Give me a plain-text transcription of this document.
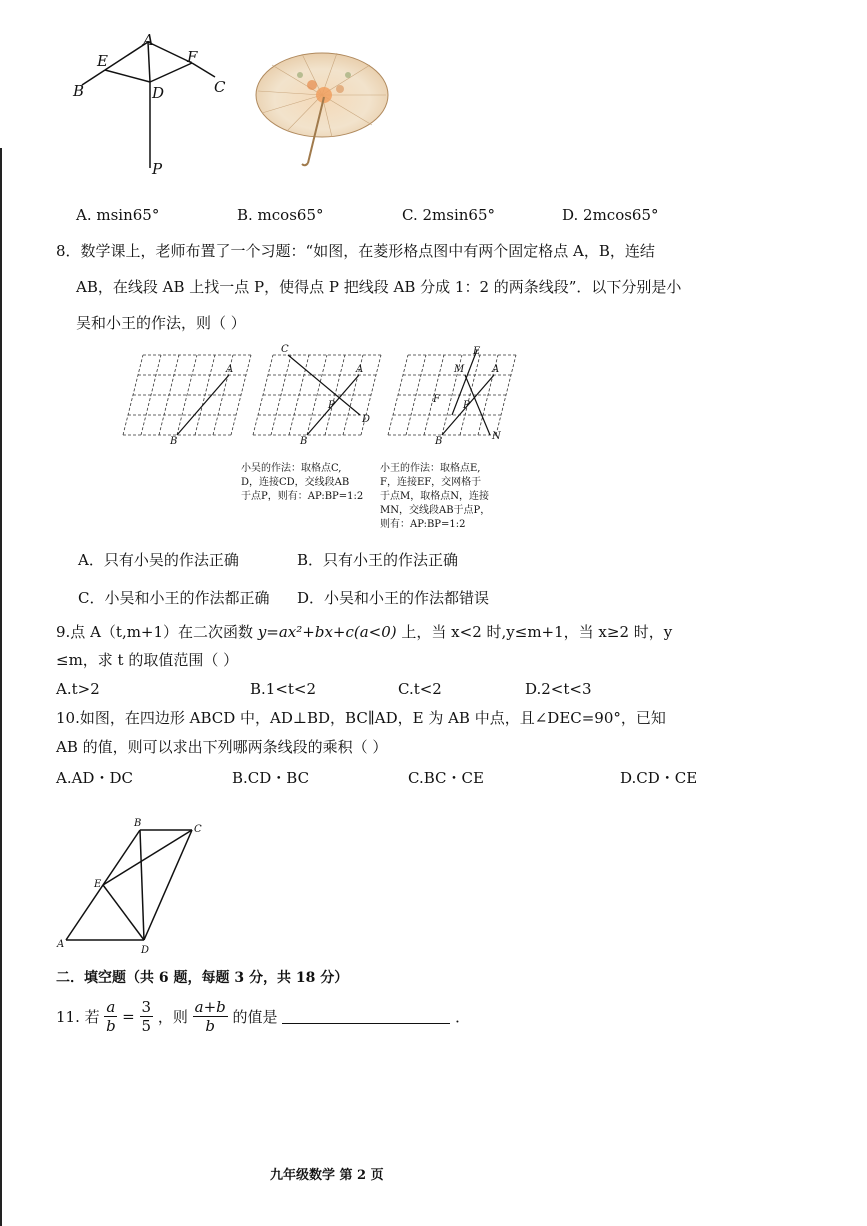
A
E	F
B	D	C
P
A. msin65°	B. mcos65°	C. 2msin65°	D. 2mcos65°
8．数学课上，老师布置了一个习题：“如图，在菱形格点图中有两个固定格点 A，B，连结
AB，在线段 AB 上找一点 P，使得点 P 把线段 AB 分成 1：2 的两条线段”．以下分别是小
吴和小王的作法，则（ ）
A
B
C
A
P
D
B
E
M	A
F
P
B	N
小吴的作法：取格点C,
D，连接CD，交线段AB
于点P，则有：AP:BP=1:2
小王的作法：取格点E,
F，连接EF，交网格于
于点M，取格点N，连接
MN，交线段AB于点P，
则有：AP:BP=1:2
A．只有小吴的作法正确	B．只有小王的作法正确
C．小吴和小王的作法都正确 D．小吴和小王的作法都错误
9.点 A（t,m+1）在二次函数 y=ax²+bx+c(a<0) 上，当 x<2 时,y≤m+1，当 x≥2 时，y
≤m，求 t 的取值范围（ ）
A.t>2	B.1<t<2	C.t<2	D.2<t<3
10.如图，在四边形 ABCD 中，AD⊥BD，BC∥AD，E 为 AB 中点，且∠DEC=90°，已知
AB 的值，则可以求出下列哪两条线段的乘积（ ）
A.AD・DC	B.CD・BC	C.BC・CE	D.CD・CE
B
C
E
A
D
二．填空题（共 6 题，每题 3 分，共 18 分）
11. 若 $\frac{a}{b} = \frac{3}{5}$ ，则 $\frac{a+b}{b}$ 的值是	．
九年级数学 第 2 页
